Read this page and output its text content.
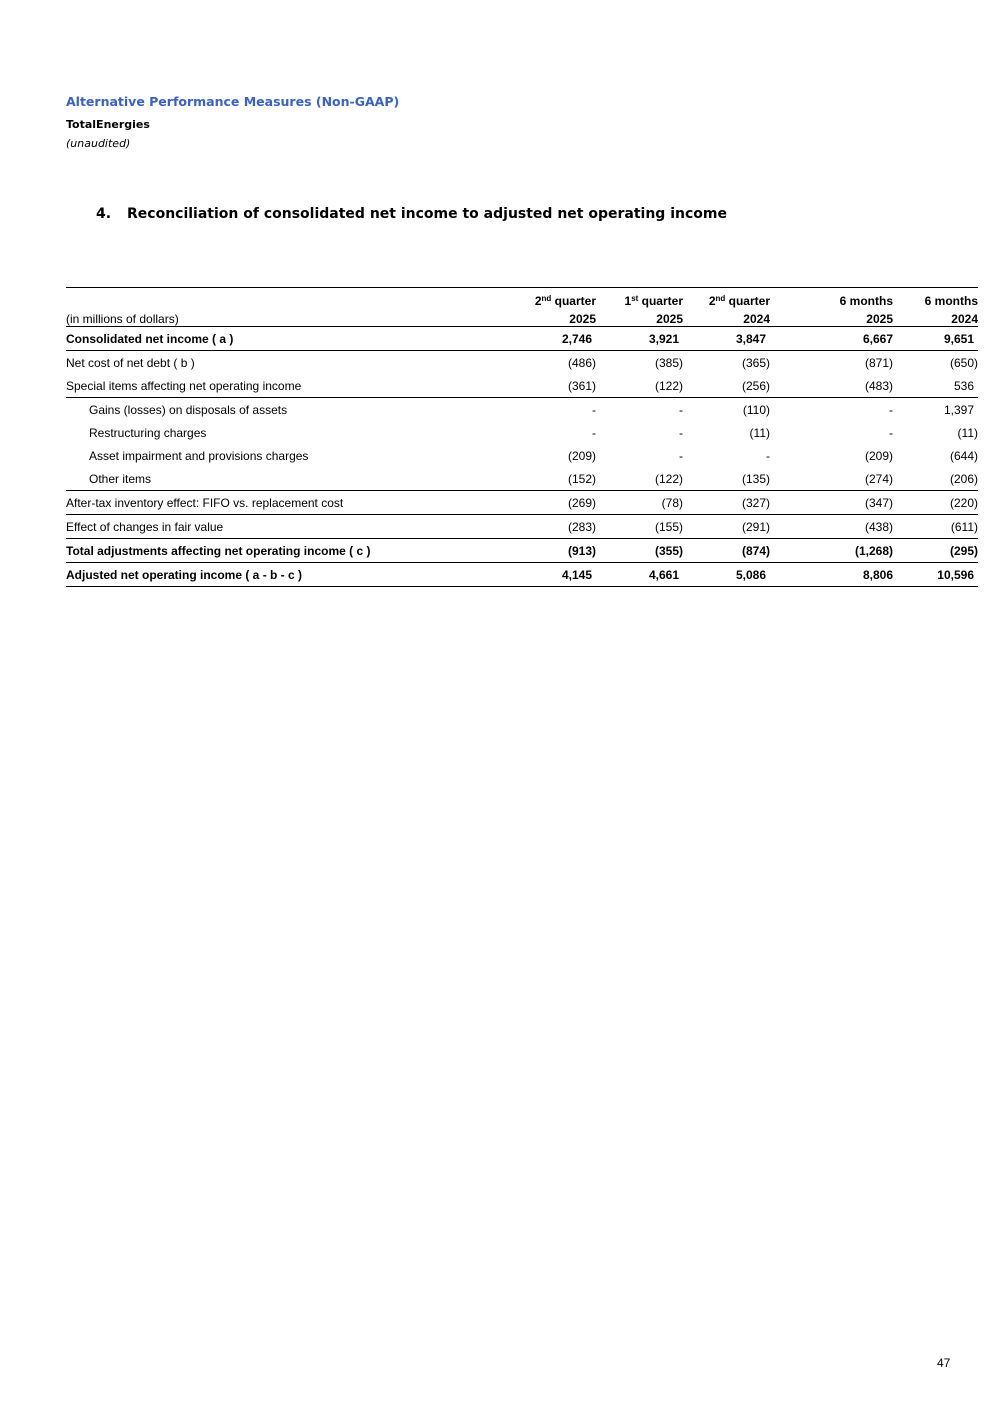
Alternative Performance Measures (Non-GAAP)
TotalEnergies
(unaudited)
4. Reconciliation of consolidated net income to adjusted net operating income
	2nd quarter	1st quarter	2nd quarter	6 months	6 months
(in millions of dollars)	2025	2025	2024	2025	2024
Consolidated net income ( a )	2,746	3,921	3,847	6,667	9,651
Net cost of net debt ( b )	(486)	(385)	(365)	(871)	(650)
Special items affecting net operating income	(361)	(122)	(256)	(483)	536
Gains (losses) on disposals of assets	-	-	(110)	-	1,397
Restructuring charges	-	-	(11)	-	(11)
Asset impairment and provisions charges	(209)	-	-	(209)	(644)
Other items	(152)	(122)	(135)	(274)	(206)
After-tax inventory effect: FIFO vs. replacement cost	(269)	(78)	(327)	(347)	(220)
Effect of changes in fair value	(283)	(155)	(291)	(438)	(611)
Total adjustments affecting net operating income ( c )	(913)	(355)	(874)	(1,268)	(295)
Adjusted net operating income ( a - b - c )	4,145	4,661	5,086	8,806	10,596
47
